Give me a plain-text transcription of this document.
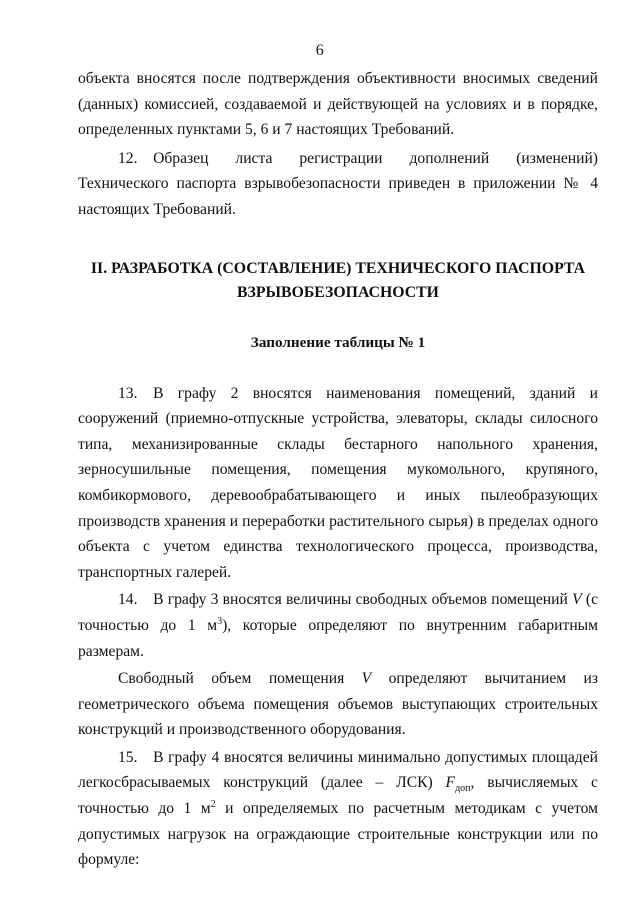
6

объекта вносятся после подтверждения объективности вносимых сведений (данных) комиссией, создаваемой и действующей на условиях и в порядке, определенных пунктами 5, 6 и 7 настоящих Требований.

12. Образец листа регистрации дополнений (изменений) Технического паспорта взрывобезопасности приведен в приложении № 4 настоящих Требований.

II. РАЗРАБОТКА (СОСТАВЛЕНИЕ) ТЕХНИЧЕСКОГО ПАСПОРТА
ВЗРЫВОБЕЗОПАСНОСТИ
Заполнение таблицы № 1

13. В графу 2 вносятся наименования помещений, зданий и сооружений (приемно-отпускные устройства, элеваторы, склады силосного типа, механизированные склады бестарного напольного хранения, зерносушильные помещения, помещения мукомольного, крупяного, комбикормового, деревообрабатывающего и иных пылеобразующих производств хранения и переработки растительного сырья) в пределах одного объекта с учетом единства технологического процесса, производства, транспортных галерей.

14. В графу 3 вносятся величины свободных объемов помещений V (с точностью до 1 $м^3$), которые определяют по внутренним габаритным размерам.

Свободный объем помещения V определяют вычитанием из геометрического объема помещения объемов выступающих строительных конструкций и производственного оборудования.

15. В графу 4 вносятся величины минимально допустимых площадей легкосбрасываемых конструкций (далее – ЛСК) $F_{доп}$, вычисляемых с точностью до 1 $м^2$ и определяемых по расчетным методикам с учетом допустимых нагрузок на ограждающие строительные конструкции или по формуле:
